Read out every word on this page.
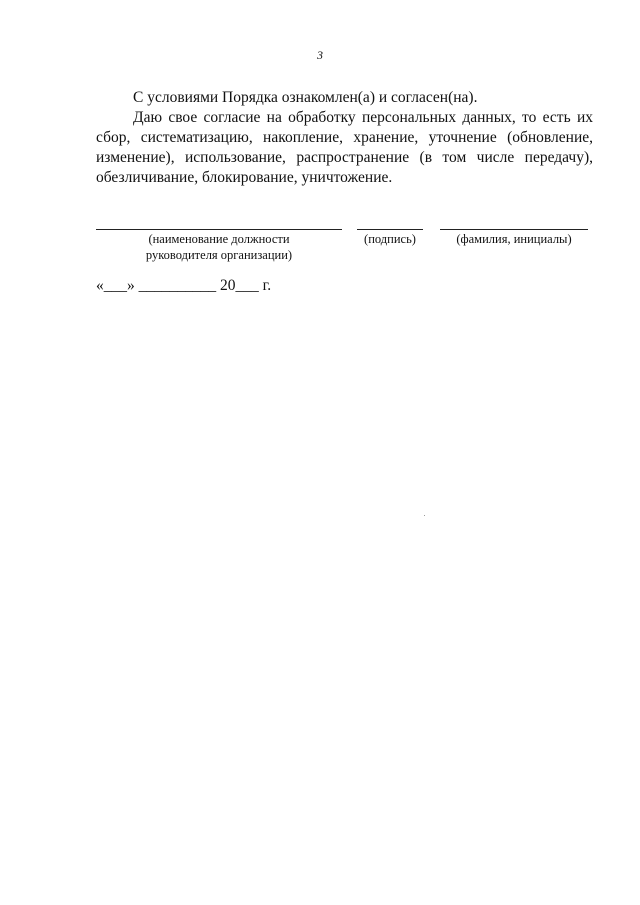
3
С условиями Порядка ознакомлен(а) и согласен(на).
Даю свое согласие на обработку персональных данных, то есть их сбор, систематизацию, накопление, хранение, уточнение (обновление, изменение), использование, распространение (в том числе передачу), обезличивание, блокирование, уничтожение.
(наименование должности
руководителя организации)
(подпись)	(фамилия, инициалы)
«___» __________ 20___ г.
